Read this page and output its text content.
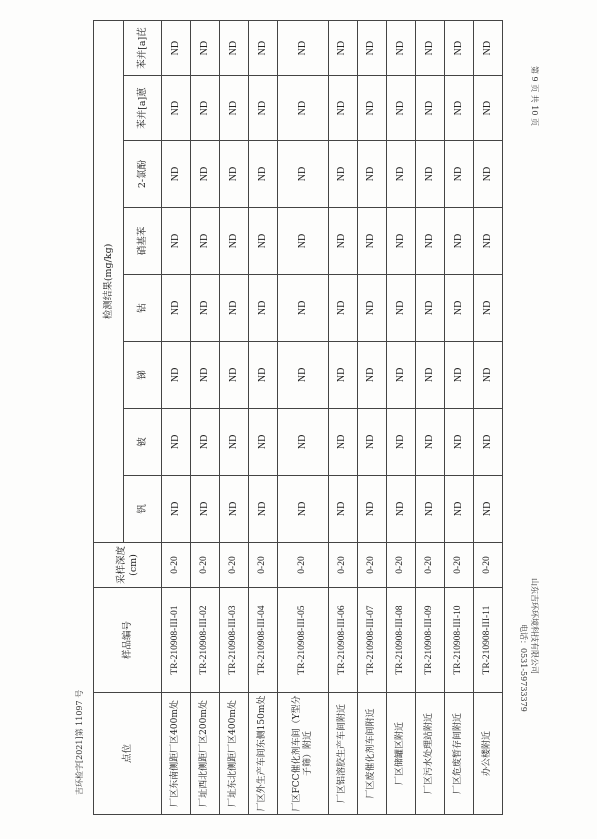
吉环检字[2021]第 11097 号
第 9 页 共 10 页
山东吉环环境科技有限公司
电话：0531-59733379
点位	样品编号	采样深度(cm)	检测结果(mg/kg)							
			钒	铍	锑	钴	硝基苯	2-氯酚	苯并[a]蒽	苯并[a]芘
厂区东南侧距厂区400m处	TR-210908-III-01	0-20	ND	ND	ND	ND	ND	ND	ND	ND
厂址西北侧距厂区200m处	TR-210908-III-02	0-20	ND	ND	ND	ND	ND	ND	ND	ND
厂址东北侧距厂区400m处	TR-210908-III-03	0-20	ND	ND	ND	ND	ND	ND	ND	ND
厂区外生产车间东侧150m处	TR-210908-III-04	0-20	ND	ND	ND	ND	ND	ND	ND	ND
厂区FCC催化剂车间（Y型分子筛）附近	TR-210908-III-05	0-20	ND	ND	ND	ND	ND	ND	ND	ND
厂区铝溶胶生产车间附近	TR-210908-III-06	0-20	ND	ND	ND	ND	ND	ND	ND	ND
厂区废催化剂车间附近	TR-210908-III-07	0-20	ND	ND	ND	ND	ND	ND	ND	ND
厂区储罐区附近	TR-210908-III-08	0-20	ND	ND	ND	ND	ND	ND	ND	ND
厂区污水处理站附近	TR-210908-III-09	0-20	ND	ND	ND	ND	ND	ND	ND	ND
厂区危废暂存间附近	TR-210908-III-10	0-20	ND	ND	ND	ND	ND	ND	ND	ND
办公楼附近	TR-210908-III-11	0-20	ND	ND	ND	ND	ND	ND	ND	ND
